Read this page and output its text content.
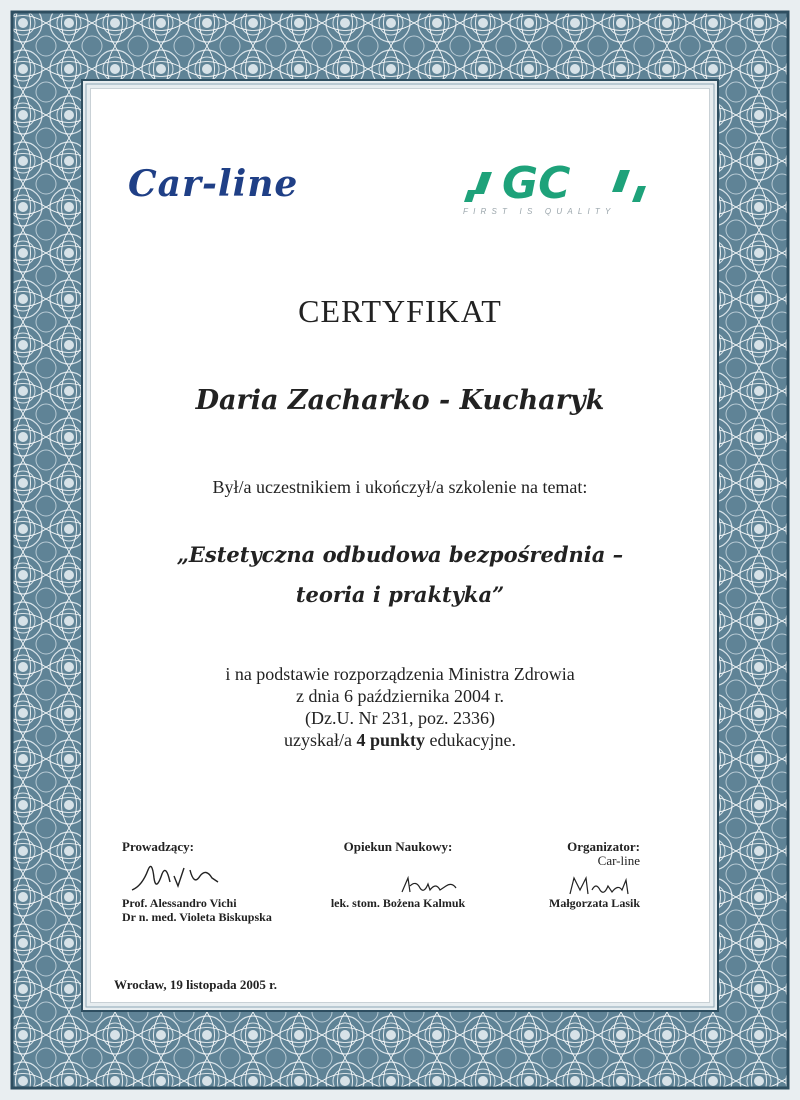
Car-line	GC
FIRST IS QUALITY
CERTYFIKAT
Daria Zacharko - Kucharyk
Był/a uczestnikiem i ukończył/a szkolenie na temat:
„Estetyczna odbudowa bezpośrednia –
teoria i praktyka”
i na podstawie rozporządzenia Ministra Zdrowia
z dnia 6 października 2004 r.
(Dz.U. Nr 231, poz. 2336)
uzyskał/a 4 punkty edukacyjne.
Prowadzący:
Prof. Alessandro Vichi
Dr n. med. Violeta Biskupska
Opiekun Naukowy:
lek. stom. Bożena Kalmuk
Organizator:
Car-line
Małgorzata Lasik
Wrocław, 19 listopada 2005 r.
